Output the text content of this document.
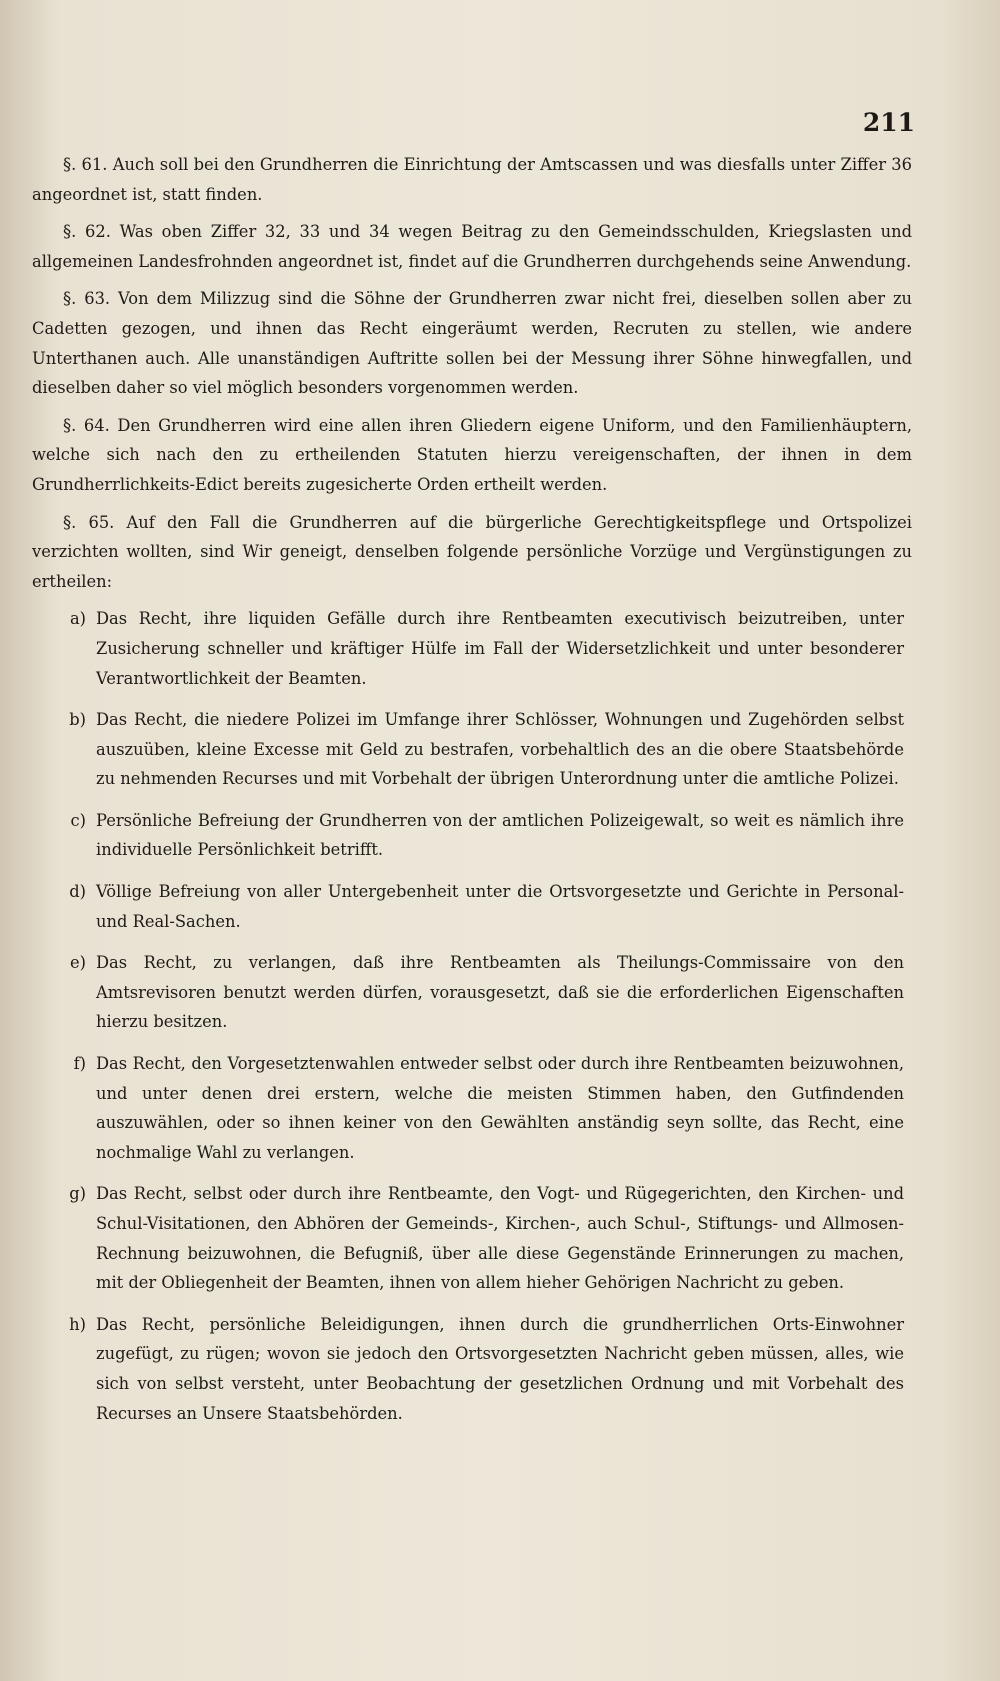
211

§. 61. Auch soll bei den Grundherren die Einrichtung der Amtscassen und was diesfalls unter Ziffer 36 angeordnet ist, statt finden.

§. 62. Was oben Ziffer 32, 33 und 34 wegen Beitrag zu den Gemeindsschulden, Kriegslasten und allgemeinen Landesfrohnden angeordnet ist, findet auf die Grundherren durchgehends seine Anwendung.

§. 63. Von dem Milizzug sind die Söhne der Grundherren zwar nicht frei, dieselben sollen aber zu Cadetten gezogen, und ihnen das Recht eingeräumt werden, Recruten zu stellen, wie andere Unterthanen auch. Alle unanständigen Auftritte sollen bei der Messung ihrer Söhne hinwegfallen, und dieselben daher so viel möglich besonders vorgenommen werden.

§. 64. Den Grundherren wird eine allen ihren Gliedern eigene Uniform, und den Familienhäuptern, welche sich nach den zu ertheilenden Statuten hierzu vereigenschaften, der ihnen in dem Grundherrlichkeits-Edict bereits zugesicherte Orden ertheilt werden.

§. 65. Auf den Fall die Grundherren auf die bürgerliche Gerechtigkeitspflege und Ortspolizei verzichten wollten, sind Wir geneigt, denselben folgende persönliche Vorzüge und Vergünstigungen zu ertheilen:

a) Das Recht, ihre liquiden Gefälle durch ihre Rentbeamten executivisch beizutreiben, unter Zusicherung schneller und kräftiger Hülfe im Fall der Widersetzlichkeit und unter besonderer Verantwortlichkeit der Beamten.
b) Das Recht, die niedere Polizei im Umfange ihrer Schlösser, Wohnungen und Zugehörden selbst auszuüben, kleine Excesse mit Geld zu bestrafen, vorbehaltlich des an die obere Staatsbehörde zu nehmenden Recurses und mit Vorbehalt der übrigen Unterordnung unter die amtliche Polizei.
c) Persönliche Befreiung der Grundherren von der amtlichen Polizeigewalt, so weit es nämlich ihre individuelle Persönlichkeit betrifft.
d) Völlige Befreiung von aller Untergebenheit unter die Ortsvorgesetzte und Gerichte in Personal- und Real-Sachen.
e) Das Recht, zu verlangen, daß ihre Rentbeamten als Theilungs-Commissaire von den Amtsrevisoren benutzt werden dürfen, vorausgesetzt, daß sie die erforderlichen Eigenschaften hierzu besitzen.
f) Das Recht, den Vorgesetztenwahlen entweder selbst oder durch ihre Rentbeamten beizuwohnen, und unter denen drei erstern, welche die meisten Stimmen haben, den Gutfindenden auszuwählen, oder so ihnen keiner von den Gewählten anständig seyn sollte, das Recht, eine nochmalige Wahl zu verlangen.
g) Das Recht, selbst oder durch ihre Rentbeamte, den Vogt- und Rügegerichten, den Kirchen- und Schul-Visitationen, den Abhören der Gemeinds-, Kirchen-, auch Schul-, Stiftungs- und Allmosen-Rechnung beizuwohnen, die Befugniß, über alle diese Gegenstände Erinnerungen zu machen, mit der Obliegenheit der Beamten, ihnen von allem hieher Gehörigen Nachricht zu geben.
h) Das Recht, persönliche Beleidigungen, ihnen durch die grundherrlichen Orts-Einwohner zugefügt, zu rügen; wovon sie jedoch den Ortsvorgesetzten Nachricht geben müssen, alles, wie sich von selbst versteht, unter Beobachtung der gesetzlichen Ordnung und mit Vorbehalt des Recurses an Unsere Staatsbehörden.
